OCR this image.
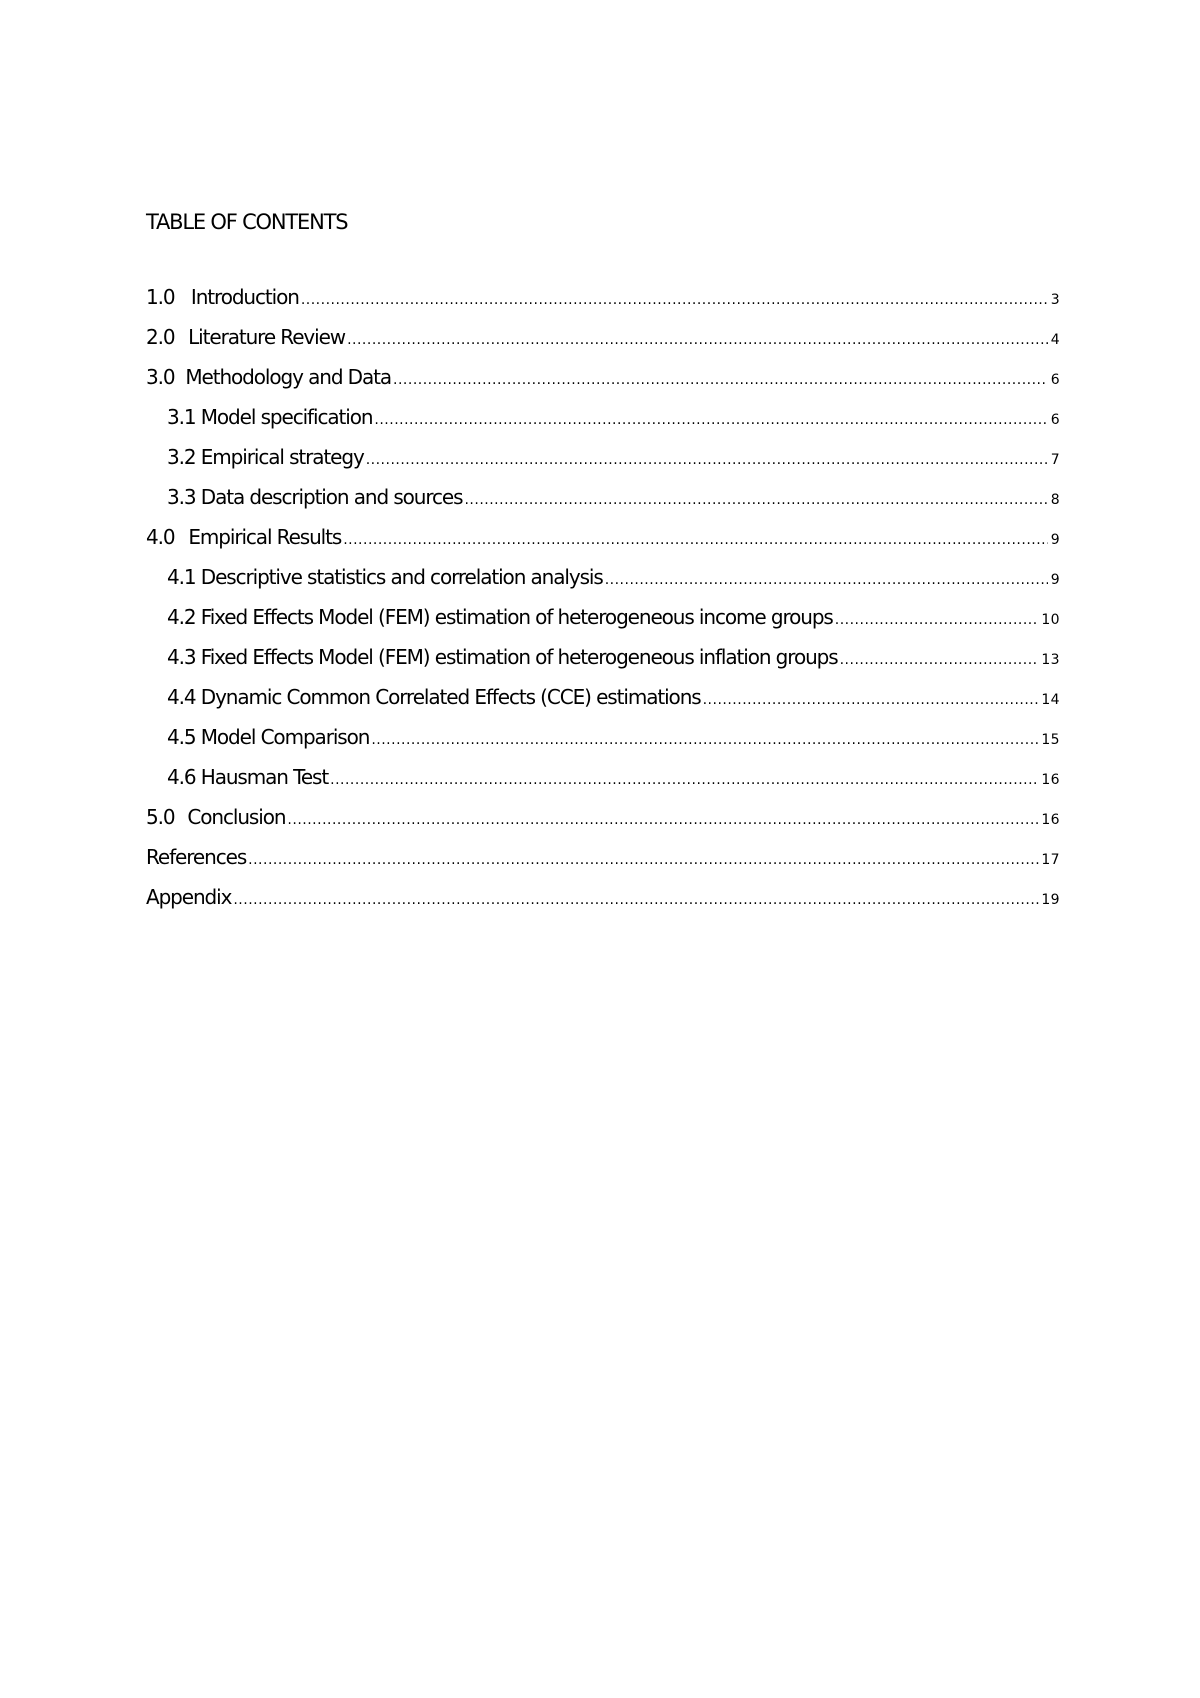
TABLE OF CONTENTS
1.0 Introduction .....	3
2.0 Literature Review .....	4
3.0 Methodology and Data .....	6
3.1 Model specification .....	6
3.2 Empirical strategy .....	7
3.3 Data description and sources .....	8
4.0 Empirical Results .....	9
4.1 Descriptive statistics and correlation analysis .....	9
4.2 Fixed Effects Model (FEM) estimation of heterogeneous income groups .....	10
4.3 Fixed Effects Model (FEM) estimation of heterogeneous inflation groups .....	13
4.4 Dynamic Common Correlated Effects (CCE) estimations .....	14
4.5 Model Comparison .....	15
4.6 Hausman Test .....	16
5.0 Conclusion .....	16
References .....	17
Appendix .....	19
